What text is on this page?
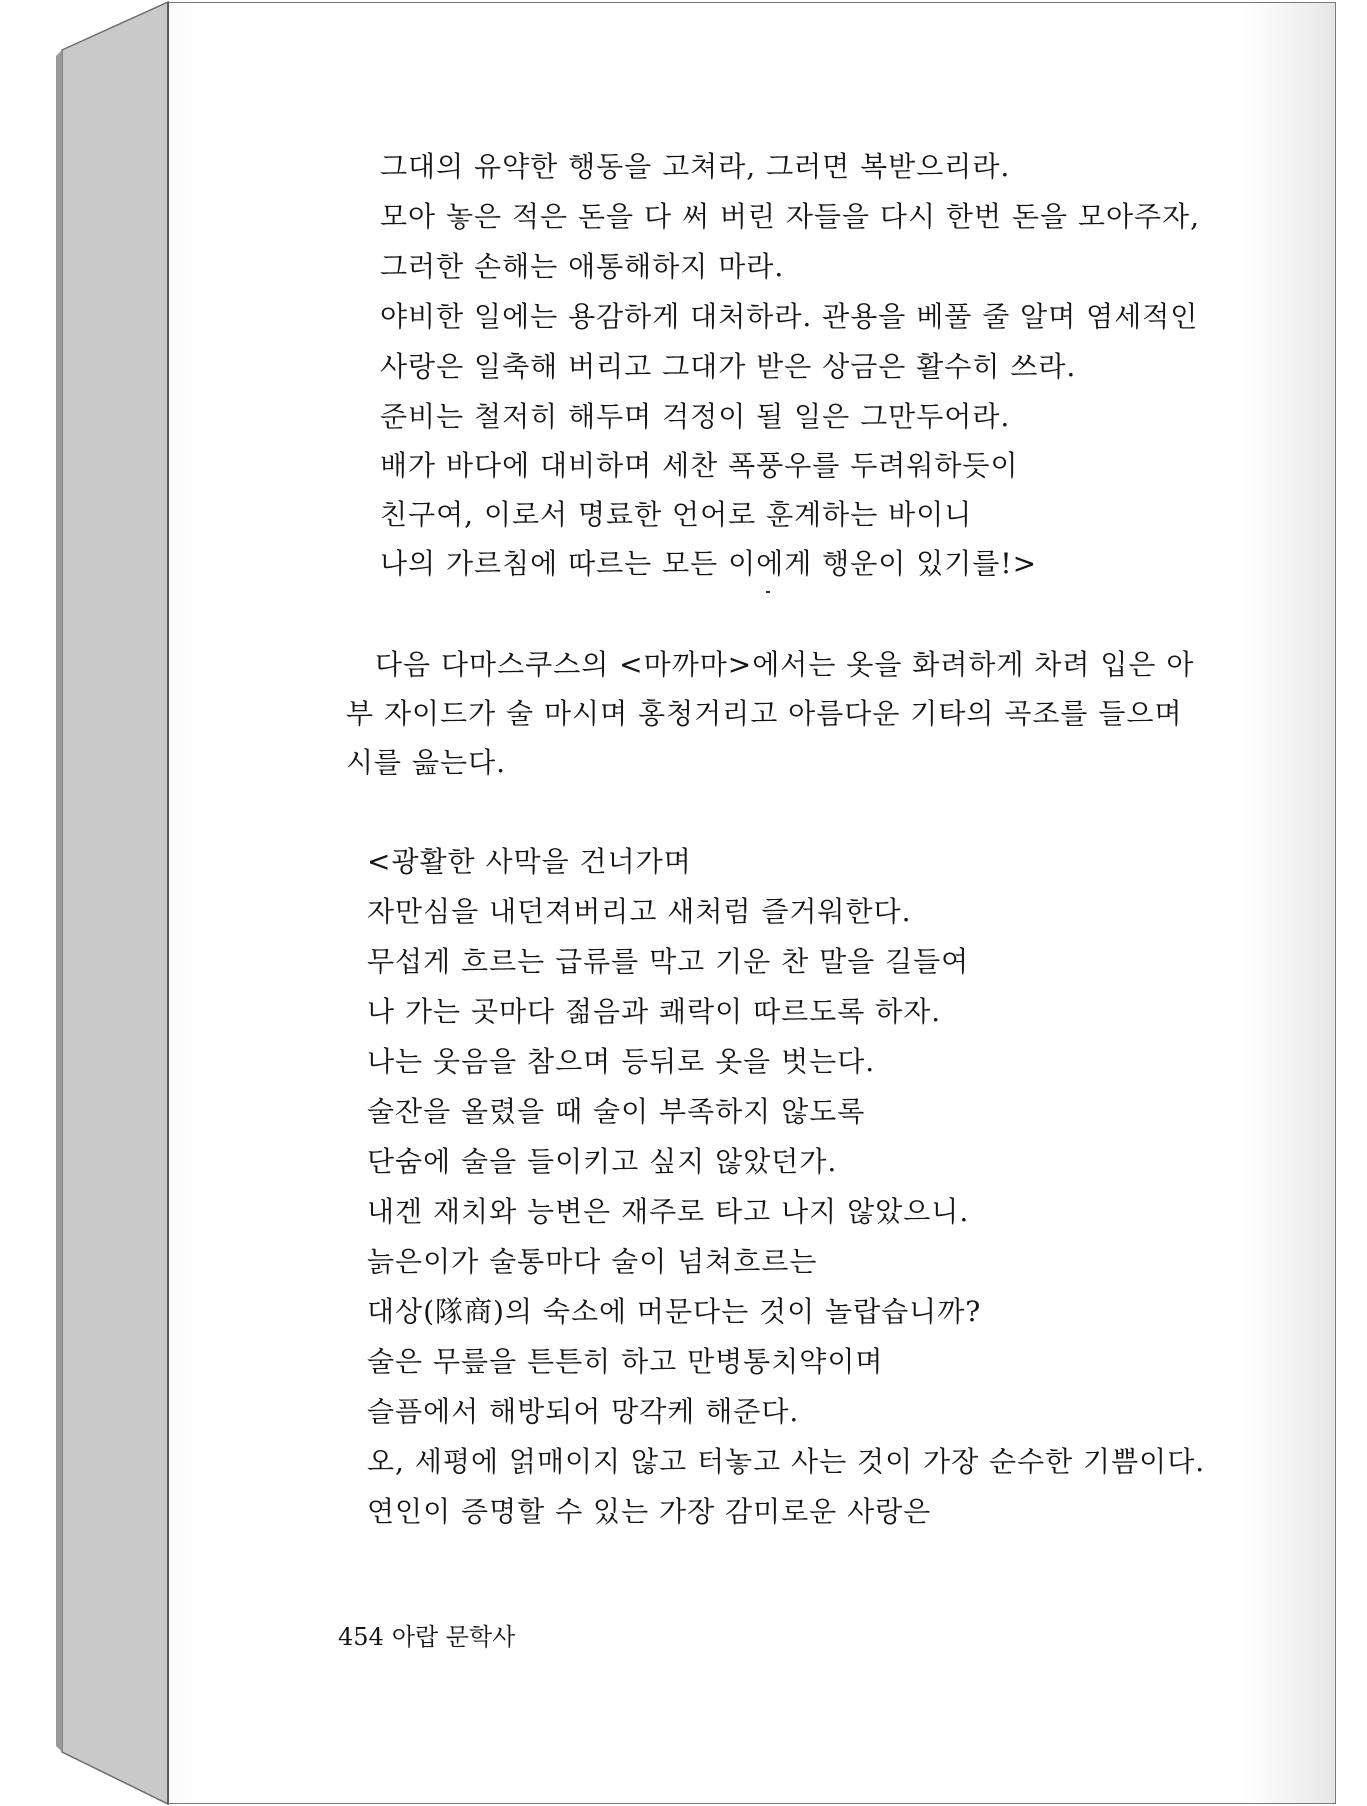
그대의 유약한 행동을 고쳐라, 그러면 복받으리라.
모아 놓은 적은 돈을 다 써 버린 자들을 다시 한번 돈을 모아주자,
그러한 손해는 애통해하지 마라.
야비한 일에는 용감하게 대처하라. 관용을 베풀 줄 알며 염세적인
사랑은 일축해 버리고 그대가 받은 상금은 활수히 쓰라.
준비는 철저히 해두며 걱정이 될 일은 그만두어라.
배가 바다에 대비하며 세찬 폭풍우를 두려워하듯이
친구여, 이로서 명료한 언어로 훈계하는 바이니
나의 가르침에 따르는 모든 이에게 행운이 있기를!>
　다음 다마스쿠스의 <마까마>에서는 옷을 화려하게 차려 입은 아
부 자이드가 술 마시며 홍청거리고 아름다운 기타의 곡조를 들으며
시를 읊는다.
<광활한 사막을 건너가며
자만심을 내던져버리고 새처럼 즐거워한다.
무섭게 흐르는 급류를 막고 기운 찬 말을 길들여
나 가는 곳마다 젊음과 쾌락이 따르도록 하자.
나는 웃음을 참으며 등뒤로 옷을 벗는다.
술잔을 올렸을 때 술이 부족하지 않도록
단숨에 술을 들이키고 싶지 않았던가.
내겐 재치와 능변은 재주로 타고 나지 않았으니.
늙은이가 술통마다 술이 넘쳐흐르는
대상(隊商)의 숙소에 머문다는 것이 놀랍습니까?
술은 무릎을 튼튼히 하고 만병통치약이며
슬픔에서 해방되어 망각케 해준다.
오, 세평에 얽매이지 않고 터놓고 사는 것이 가장 순수한 기쁨이다.
연인이 증명할 수 있는 가장 감미로운 사랑은
454 아랍 문학사
